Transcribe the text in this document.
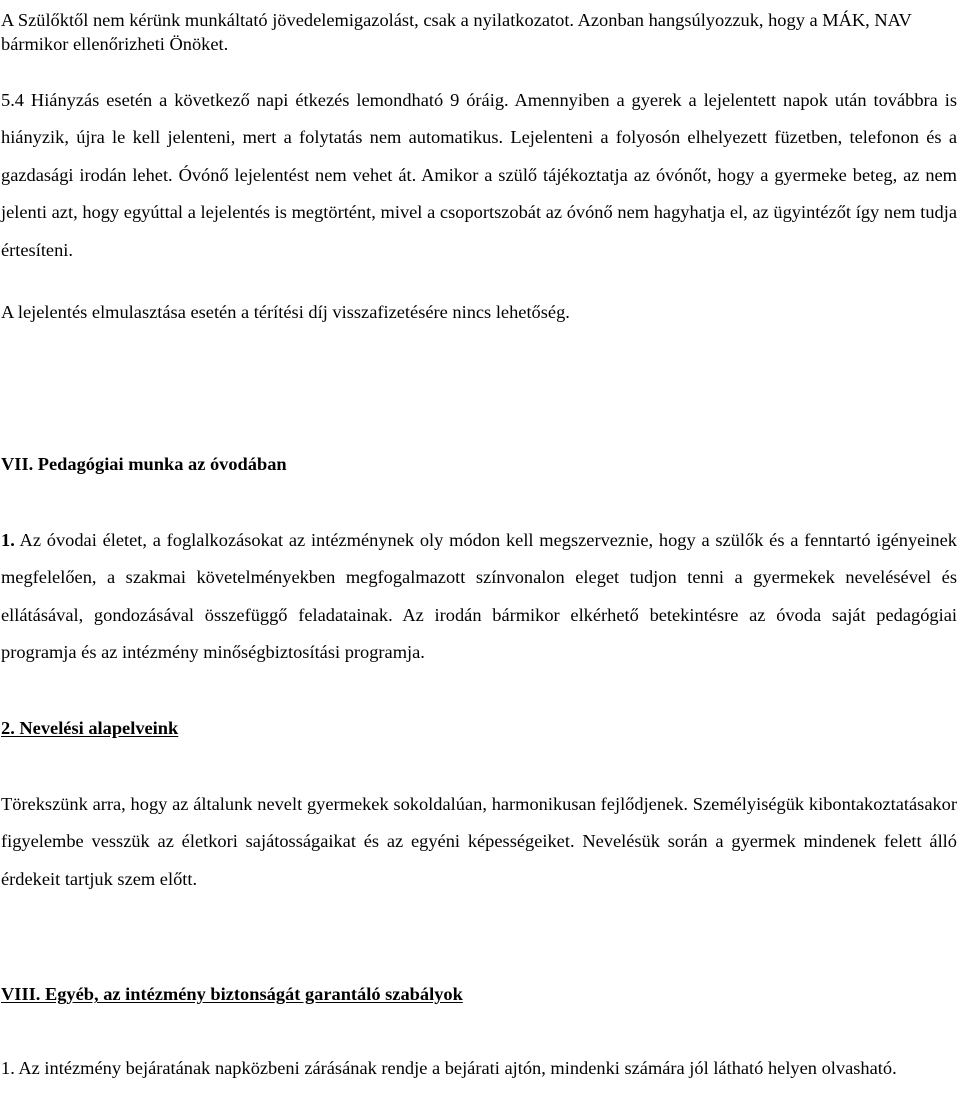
A Szülőktől nem kérünk munkáltató jövedelemigazolást, csak a nyilatkozatot. Azonban hangsúlyozzuk, hogy a MÁK, NAV bármikor ellenőrizheti Önöket.

5.4 Hiányzás esetén a következő napi étkezés lemondható 9 óráig. Amennyiben a gyerek a lejelentett napok után továbbra is hiányzik, újra le kell jelenteni, mert a folytatás nem automatikus. Lejelenteni a folyosón elhelyezett füzetben, telefonon és a gazdasági irodán lehet. Óvónő lejelentést nem vehet át. Amikor a szülő tájékoztatja az óvónőt, hogy a gyermeke beteg, az nem jelenti azt, hogy egyúttal a lejelentés is megtörtént, mivel a csoportszobát az óvónő nem hagyhatja el, az ügyintézőt így nem tudja értesíteni.

A lejelentés elmulasztása esetén a térítési díj visszafizetésére nincs lehetőség.

VII. Pedagógiai munka az óvodában

1. Az óvodai életet, a foglalkozásokat az intézménynek oly módon kell megszerveznie, hogy a szülők és a fenntartó igényeinek megfelelően, a szakmai követelményekben megfogalmazott színvonalon eleget tudjon tenni a gyermekek nevelésével és ellátásával, gondozásával összefüggő feladatainak. Az irodán bármikor elkérhető betekintésre az óvoda saját pedagógiai programja és az intézmény minőségbiztosítási programja.

2. Nevelési alapelveink

Törekszünk arra, hogy az általunk nevelt gyermekek sokoldalúan, harmonikusan fejlődjenek. Személyiségük kibontakoztatásakor figyelembe vesszük az életkori sajátosságaikat és az egyéni képességeiket. Nevelésük során a gyermek mindenek felett álló érdekeit tartjuk szem előtt.

VIII. Egyéb, az intézmény biztonságát garantáló szabályok

1. Az intézmény bejáratának napközbeni zárásának rendje a bejárati ajtón, mindenki számára jól látható helyen olvasható.
